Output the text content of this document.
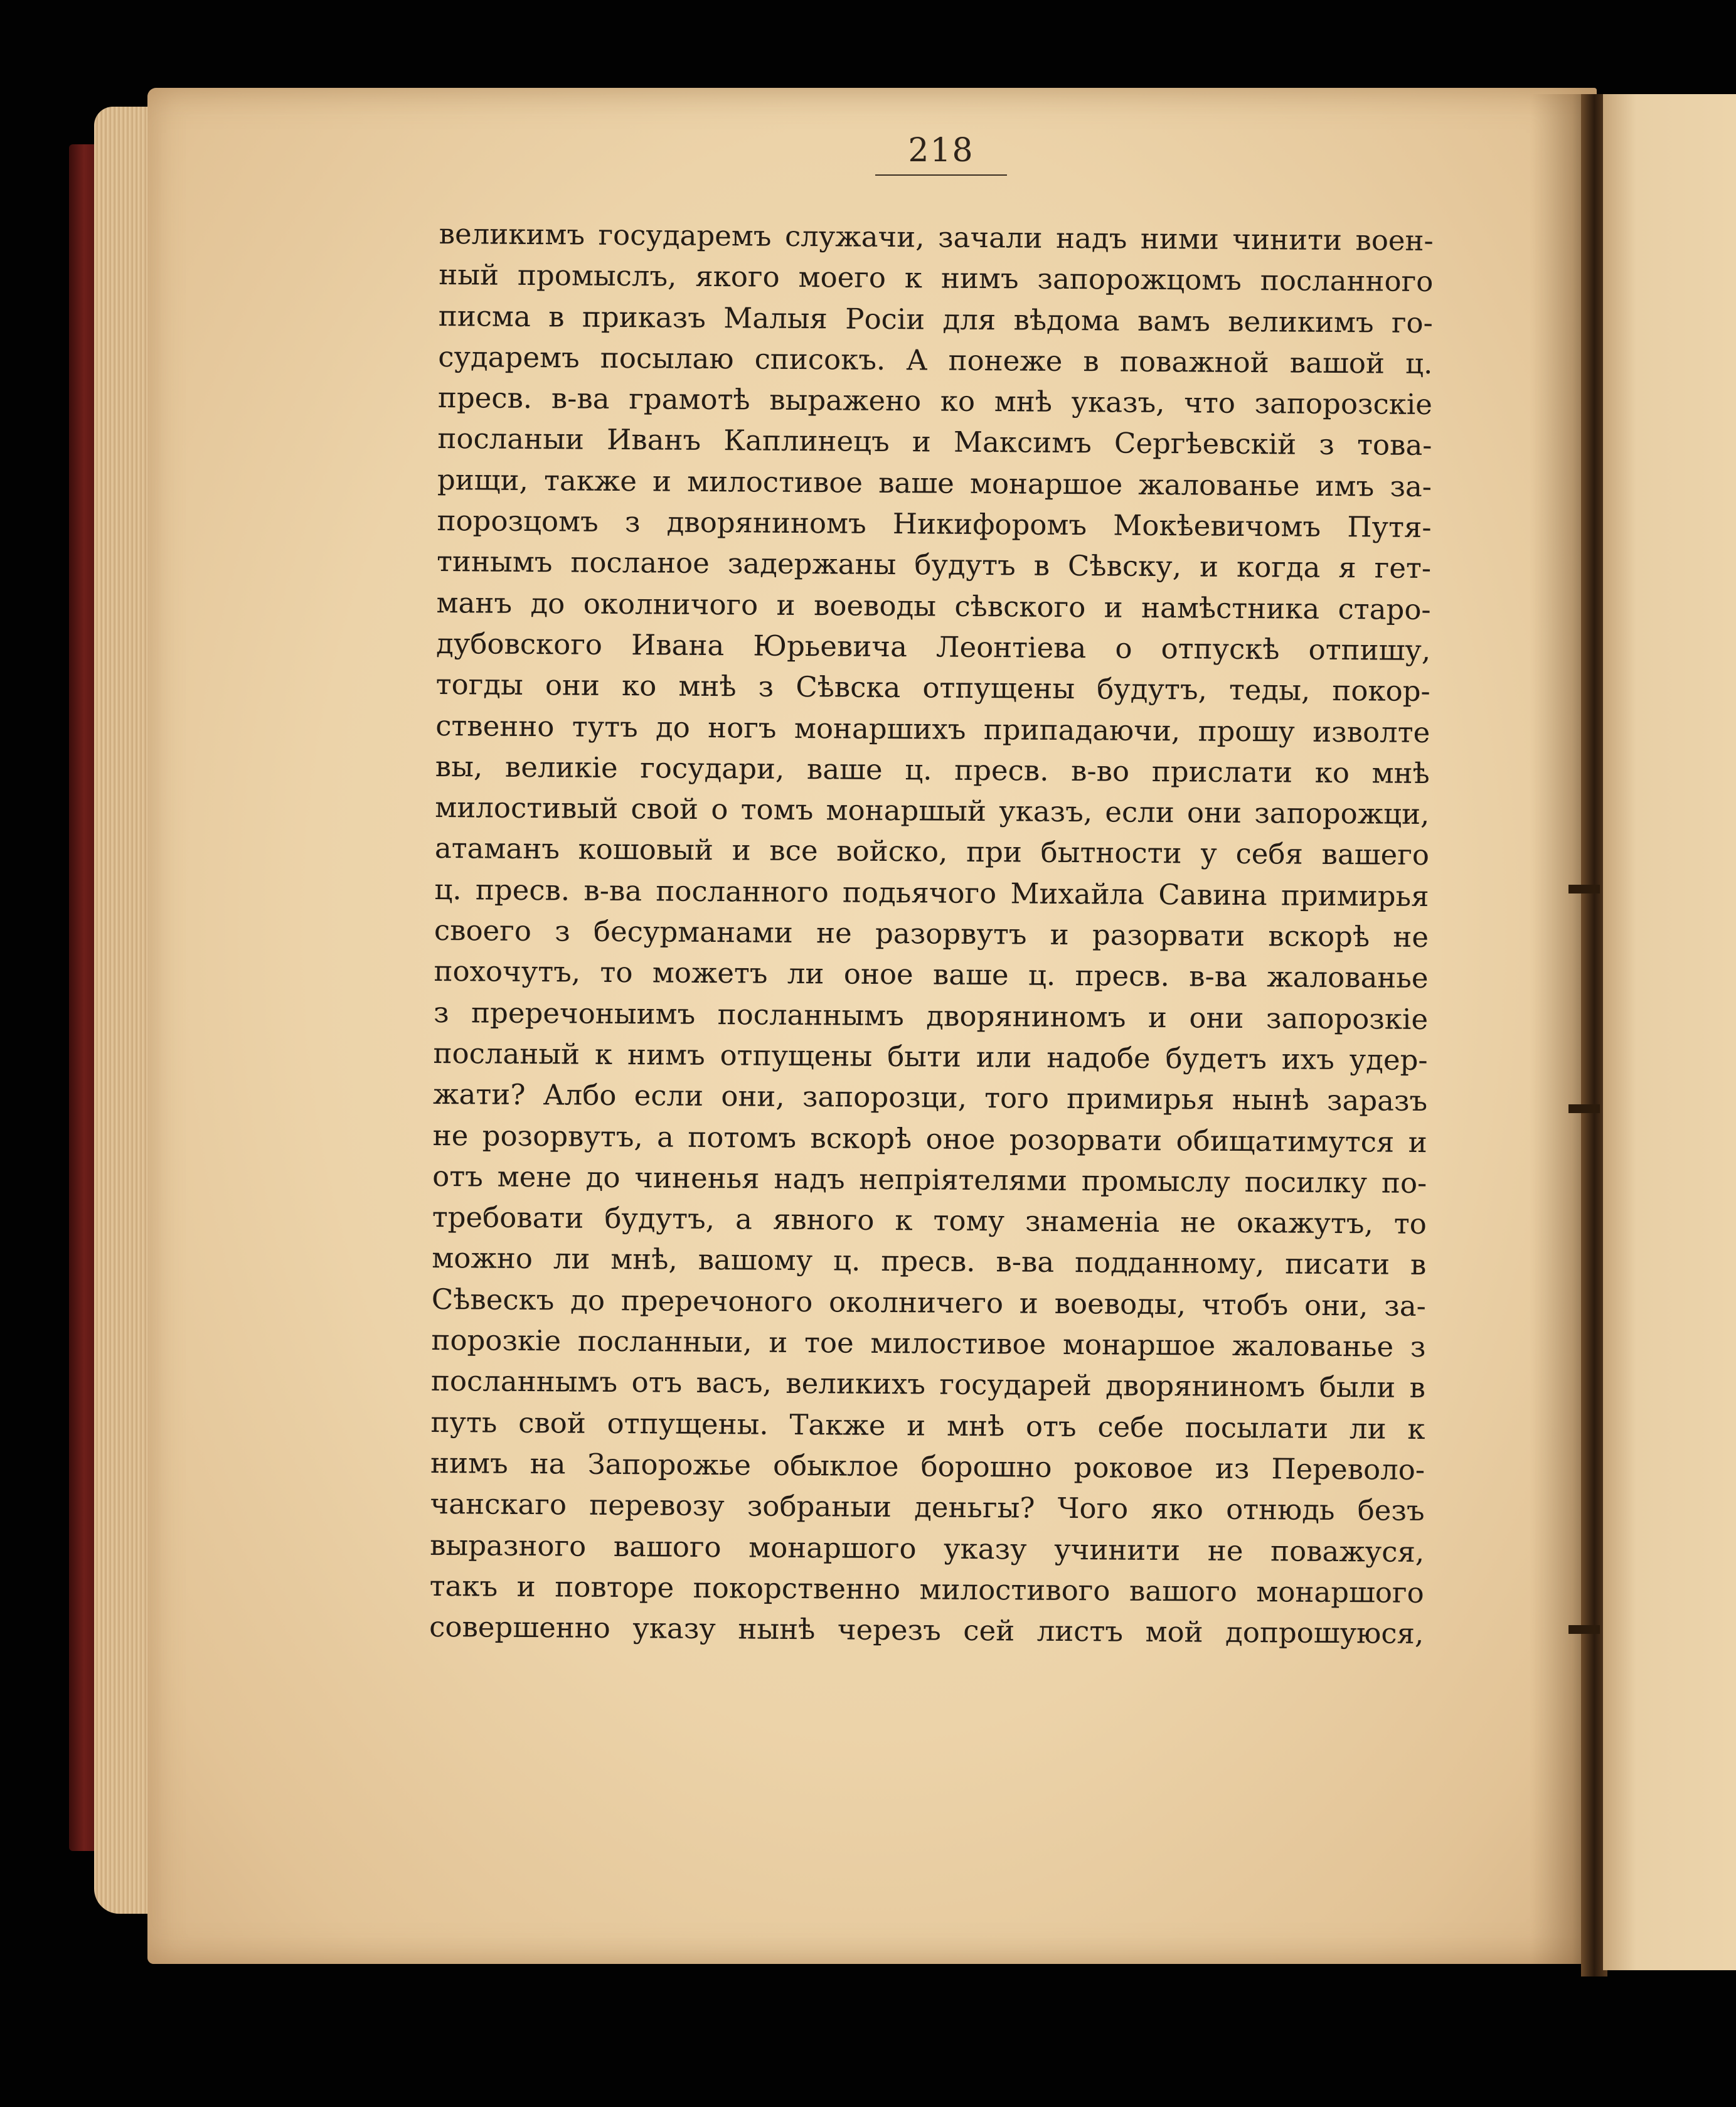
218
великимъ государемъ служачи, зачали надъ ними чинити воен-
ный промыслъ, якого моего к нимъ запорожцомъ посланного
писма в приказъ Малыя Росіи для вѣдома вамъ великимъ го-
сударемъ посылаю списокъ. А понеже в поважной вашой ц.
пресв. в-ва грамотѣ выражено ко мнѣ указъ, что запорозскіе
посланыи Иванъ Каплинецъ и Максимъ Сергѣевскій з това-
рищи, также и милостивое ваше монаршое жалованье имъ за-
порозцомъ з дворяниномъ Никифоромъ Мокѣевичомъ Путя-
тинымъ посланое задержаны будутъ в Сѣвску, и когда я гет-
манъ до околничого и воеводы сѣвского и намѣстника старо-
дубовского Ивана Юрьевича Леонтіева о отпускѣ отпишу,
тогды они ко мнѣ з Сѣвска отпущены будутъ, теды, покор-
ственно тутъ до ногъ монаршихъ припадаючи, прошу изволте
вы, великіе государи, ваше ц. пресв. в-во прислати ко мнѣ
милостивый свой о томъ монаршый указъ, если они запорожци,
атаманъ кошовый и все войско, при бытности у себя вашего
ц. пресв. в-ва посланного подьячого Михайла Савина примирья
своего з бесурманами не разорвутъ и разорвати вскорѣ не
похочутъ, то можетъ ли оное ваше ц. пресв. в-ва жалованье
з преречоныимъ посланнымъ дворяниномъ и они запорозкіе
посланый к нимъ отпущены быти или надобе будетъ ихъ удер-
жати? Албо если они, запорозци, того примирья нынѣ заразъ
не розорвутъ, а потомъ вскорѣ оное розорвати обищатимутся и
отъ мене до чиненья надъ непріятелями промыслу посилку по-
требовати будутъ, а явного к тому знаменіа не окажутъ, то
можно ли мнѣ, вашому ц. пресв. в-ва подданному, писати в
Сѣвескъ до преречоного околничего и воеводы, чтобъ они, за-
порозкіе посланныи, и тое милостивое монаршое жалованье з
посланнымъ отъ васъ, великихъ государей дворяниномъ были в
путь свой отпущены. Также и мнѣ отъ себе посылати ли к
нимъ на Запорожье обыклое борошно роковое из Переволо-
чанскаго перевозу зобраныи деньгы? Чого яко отнюдь безъ
выразного вашого монаршого указу учинити не поважуся,
такъ и повторе покорственно милостивого вашого монаршого
совершенно указу нынѣ черезъ сей листъ мой допрошуюся,
